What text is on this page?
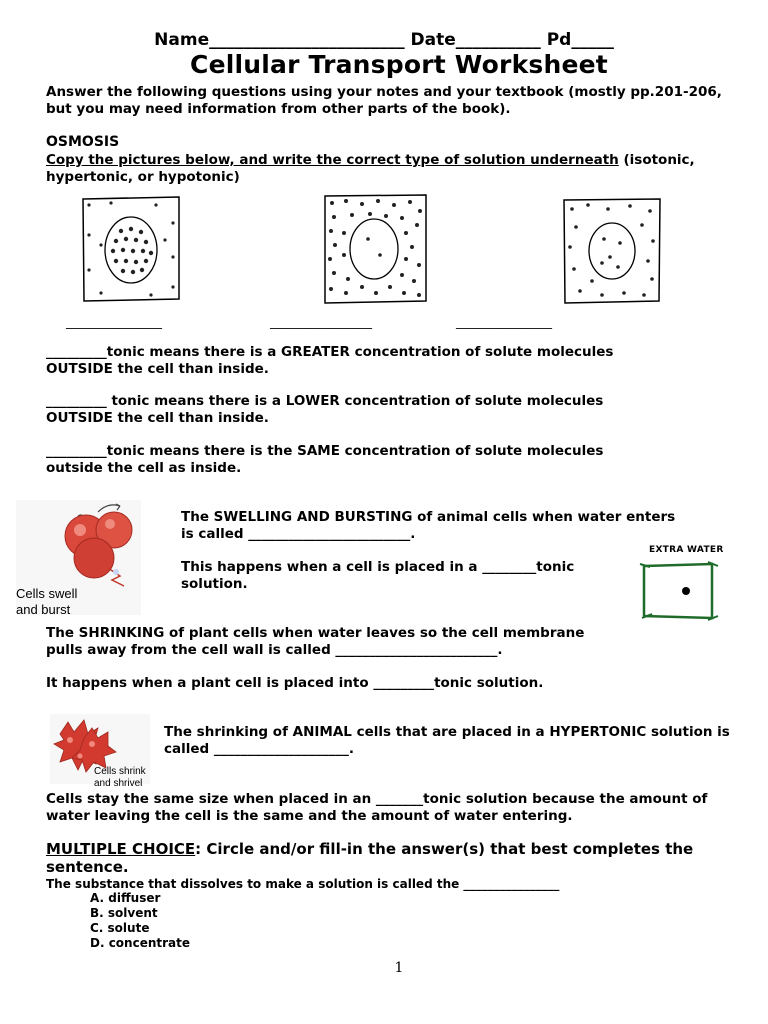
Name_______________________ Date__________ Pd_____
Cellular Transport Worksheet
Answer the following questions using your notes and your textbook (mostly pp.201-206, but you may need information from other parts of the book).
OSMOSIS
Copy the pictures below, and write the correct type of solution underneath (isotonic, hypertonic, or hypotonic)
________________	_________________	________________
_________tonic means there is a GREATER concentration of solute molecules
OUTSIDE the cell than inside.
_________ tonic means there is a LOWER concentration of solute molecules
OUTSIDE the cell than inside.
_________tonic means there is the SAME concentration of solute molecules
outside the cell as inside.
Cells swell
and burst
The SWELLING AND BURSTING of animal cells when water enters
is called ________________________.
This happens when a cell is placed in a ________tonic
solution.
EXTRA WATER
The SHRINKING of plant cells when water leaves so the cell membrane
pulls away from the cell wall is called ________________________.
It happens when a plant cell is placed into _________tonic solution.
Cells shrink
and shrivel
The shrinking of ANIMAL cells that are placed in a HYPERTONIC solution is
called ____________________.
Cells stay the same size when placed in an _______tonic solution because the amount of
water leaving the cell is the same and the amount of water entering.
MULTIPLE CHOICE: Circle and/or fill-in the answer(s) that best completes the sentence.
The substance that dissolves to make a solution is called the ________________
A. diffuser
B. solvent
C. solute
D. concentrate
1
